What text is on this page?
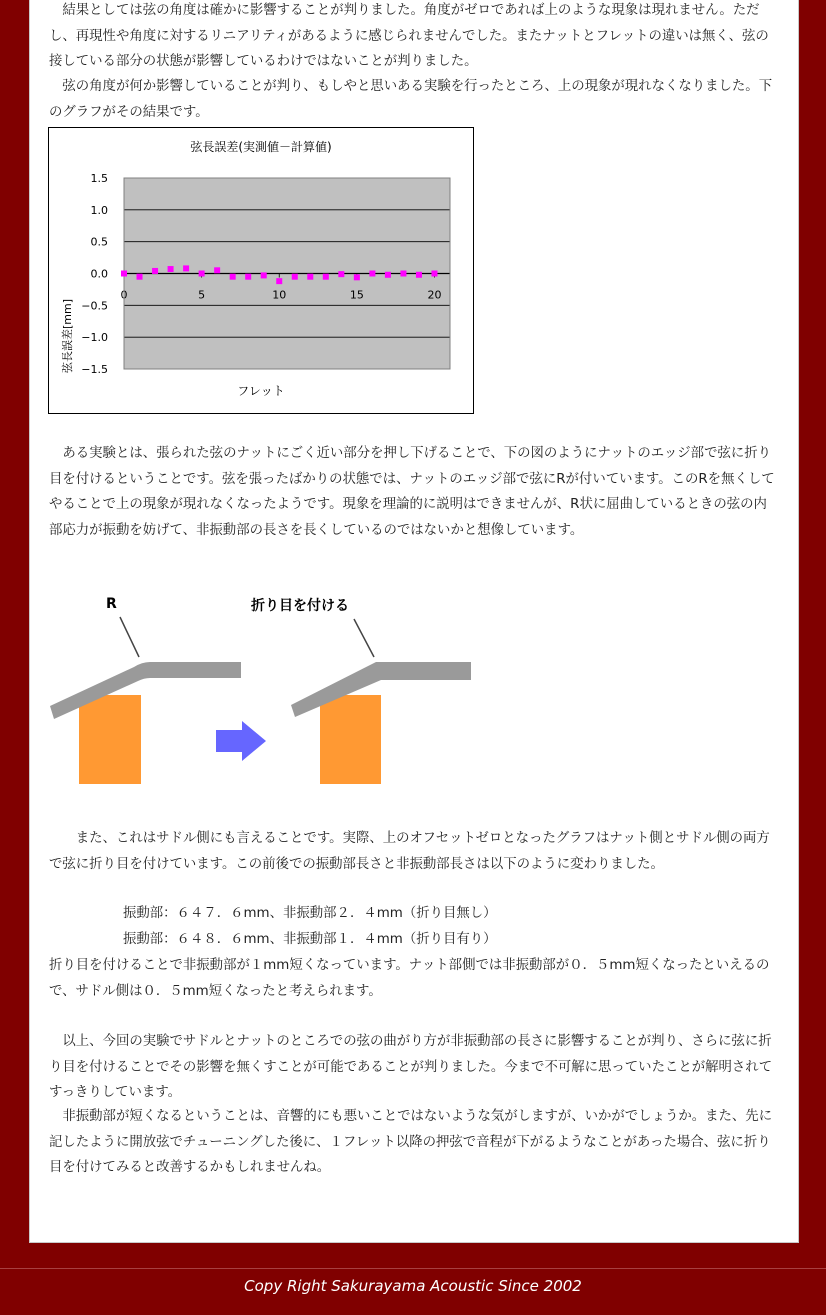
結果としては弦の角度は確かに影響することが判りました。角度がゼロであれば上のような現象は現れません。ただし、再現性や角度に対するリニアリティがあるように感じられませんでした。またナットとフレットの違いは無く、弦の接している部分の状態が影響しているわけではないことが判りました。

弦の角度が何か影響していることが判り、もしやと思いある実験を行ったところ、上の現象が現れなくなりました。下のグラフがその結果です。

ある実験とは、張られた弦のナットにごく近い部分を押し下げることで、下の図のようにナットのエッジ部で弦に折り目を付けるということです。弦を張ったばかりの状態では、ナットのエッジ部で弦にRが付いています。このRを無くしてやることで上の現象が現れなくなったようです。現象を理論的に説明はできませんが、R状に屈曲しているときの弦の内部応力が振動を妨げて、非振動部の長さを長くしているのではないかと想像しています。

また、これはサドル側にも言えることです。実際、上のオフセットゼロとなったグラフはナット側とサドル側の両方で弦に折り目を付けています。この前後での振動部長さと非振動部長さは以下のように変わりました。

振動部：６４７．６mm、非振動部２．４mm（折り目無し）

振動部：６４８．６mm、非振動部１．４mm（折り目有り）

折り目を付けることで非振動部が１mm短くなっています。ナット部側では非振動部が０．５mm短くなったといえるので、サドル側は０．５mm短くなったと考えられます。

以上、今回の実験でサドルとナットのところでの弦の曲がり方が非振動部の長さに影響することが判り、さらに弦に折り目を付けることでその影響を無くすことが可能であることが判りました。今まで不可解に思っていたことが解明されてすっきりしています。

非振動部が短くなるということは、音響的にも悪いことではないような気がしますが、いかがでしょうか。また、先に記したように開放弦でチューニングした後に、１フレット以降の押弦で音程が下がるようなことがあった場合、弦に折り目を付けてみると改善するかもしれませんね。

弦長誤差(実測値－計算値)
フレット
弦長誤差[mm]
1.5
1.0
0.5
0.0
−0.5
−1.0
−1.5
0	5	10	15	20
R	折り目を付ける
Copy Right Sakurayama Acoustic Since 2002
